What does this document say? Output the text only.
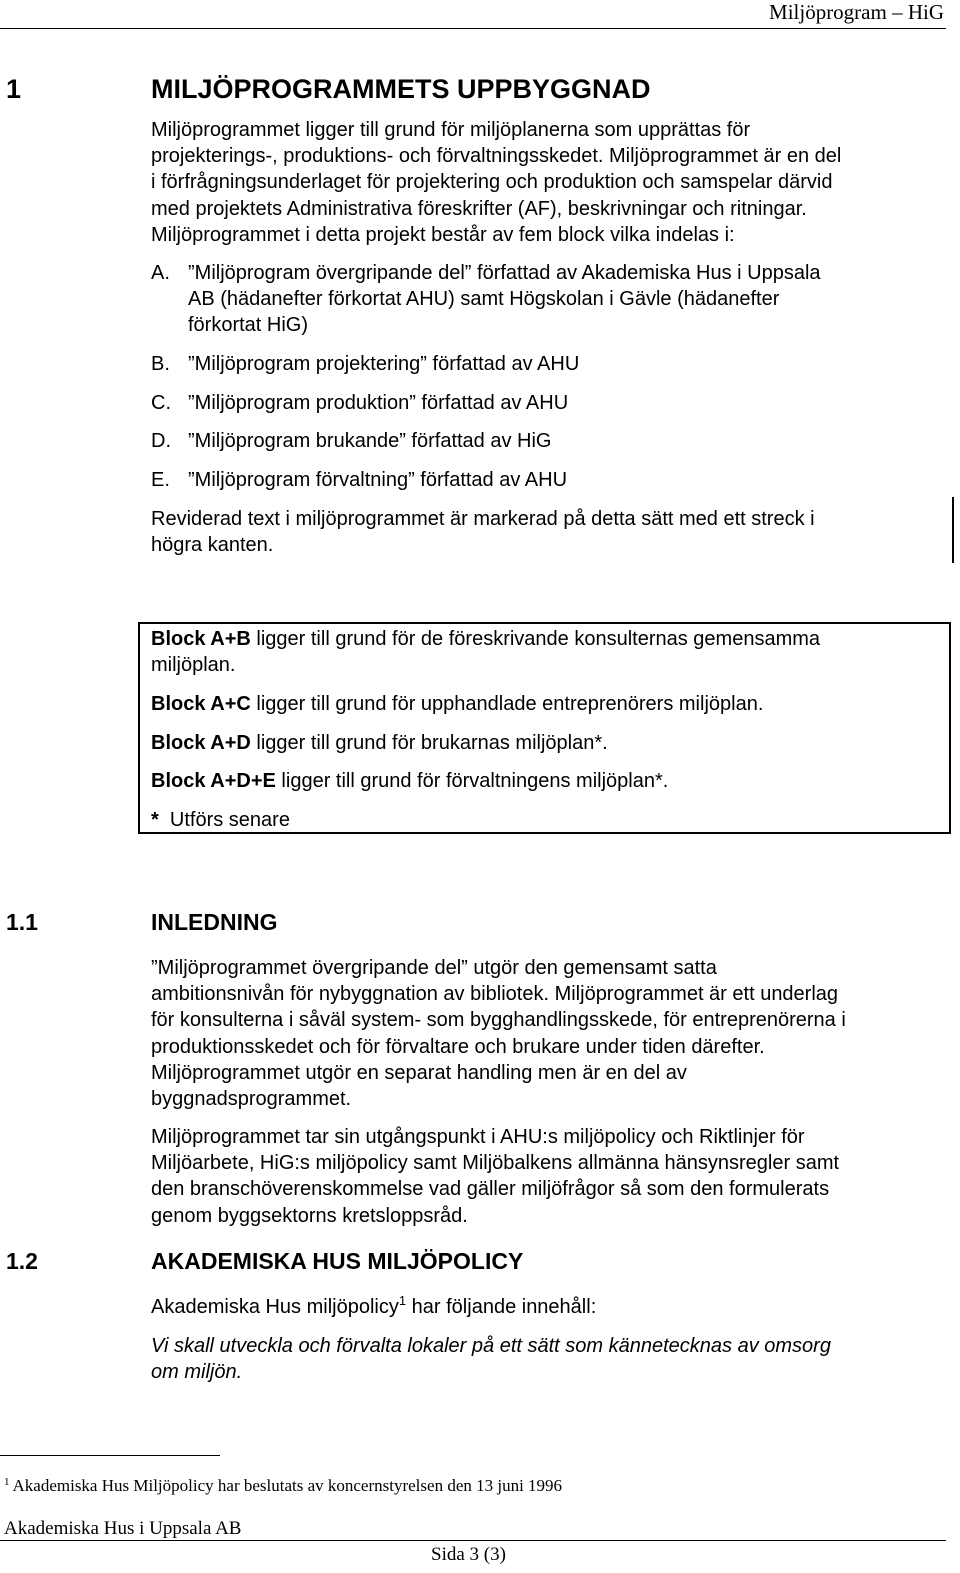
Miljöprogram – HiG
1	MILJÖPROGRAMMETS UPPBYGGNAD
Miljöprogrammet ligger till grund för miljöplanerna som upprättas för
projekterings-, produktions- och förvaltningsskedet. Miljöprogrammet är en del
i förfrågningsunderlaget för projektering och produktion och samspelar därvid
med projektets Administrativa föreskrifter (AF), beskrivningar och ritningar.
Miljöprogrammet i detta projekt består av fem block vilka indelas i:
A. ”Miljöprogram övergripande del” författad av Akademiska Hus i Uppsala
AB (hädanefter förkortat AHU) samt Högskolan i Gävle (hädanefter
förkortat HiG)
B. ”Miljöprogram projektering” författad av AHU
C. ”Miljöprogram produktion” författad av AHU
D. ”Miljöprogram brukande” författad av HiG
E. ”Miljöprogram förvaltning” författad av AHU
Reviderad text i miljöprogrammet är markerad på detta sätt med ett streck i
högra kanten.
Block A+B ligger till grund för de föreskrivande konsulternas gemensamma
miljöplan.
Block A+C ligger till grund för upphandlade entreprenörers miljöplan.
Block A+D ligger till grund för brukarnas miljöplan*.
Block A+D+E ligger till grund för förvaltningens miljöplan*.
*  Utförs senare
1.1	INLEDNING
”Miljöprogrammet övergripande del” utgör den gemensamt satta
ambitionsnivån för nybyggnation av bibliotek. Miljöprogrammet är ett underlag
för konsulterna i såväl system- som bygghandlingsskede, för entreprenörerna i
produktionsskedet och för förvaltare och brukare under tiden därefter.
Miljöprogrammet utgör en separat handling men är en del av
byggnadsprogrammet.
Miljöprogrammet tar sin utgångspunkt i AHU:s miljöpolicy och Riktlinjer för
Miljöarbete, HiG:s miljöpolicy samt Miljöbalkens allmänna hänsynsregler samt
den branschöverenskommelse vad gäller miljöfrågor så som den formulerats
genom byggsektorns kretsloppsråd.
1.2	AKADEMISKA HUS MILJÖPOLICY
Akademiska Hus miljöpolicy$^1$ har följande innehåll:
Vi skall utveckla och förvalta lokaler på ett sätt som kännetecknas av omsorg
om miljön.
$^1$ Akademiska Hus Miljöpolicy har beslutats av koncernstyrelsen den 13 juni 1996
Akademiska Hus i Uppsala AB
Sida 3 (3)
